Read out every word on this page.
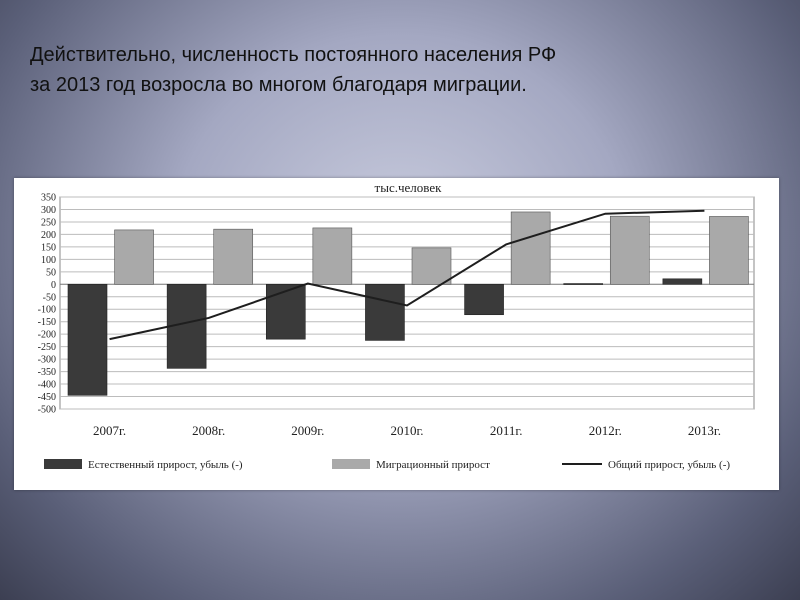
Действительно, численность постоянного населения РФ
за 2013 год возросла во многом благодаря миграции.
350
300
250
200
150
100
50
0
-50
-100
-150
-200
-250
-300
-350
-400
-450
-500
2007г.	2008г.	2009г.	2010г.	2011г.	2012г.	2013г.
тыс.человек
Естественный прирост, убыль (-)	Миграционный прирост	Общий прирост, убыль (-)
